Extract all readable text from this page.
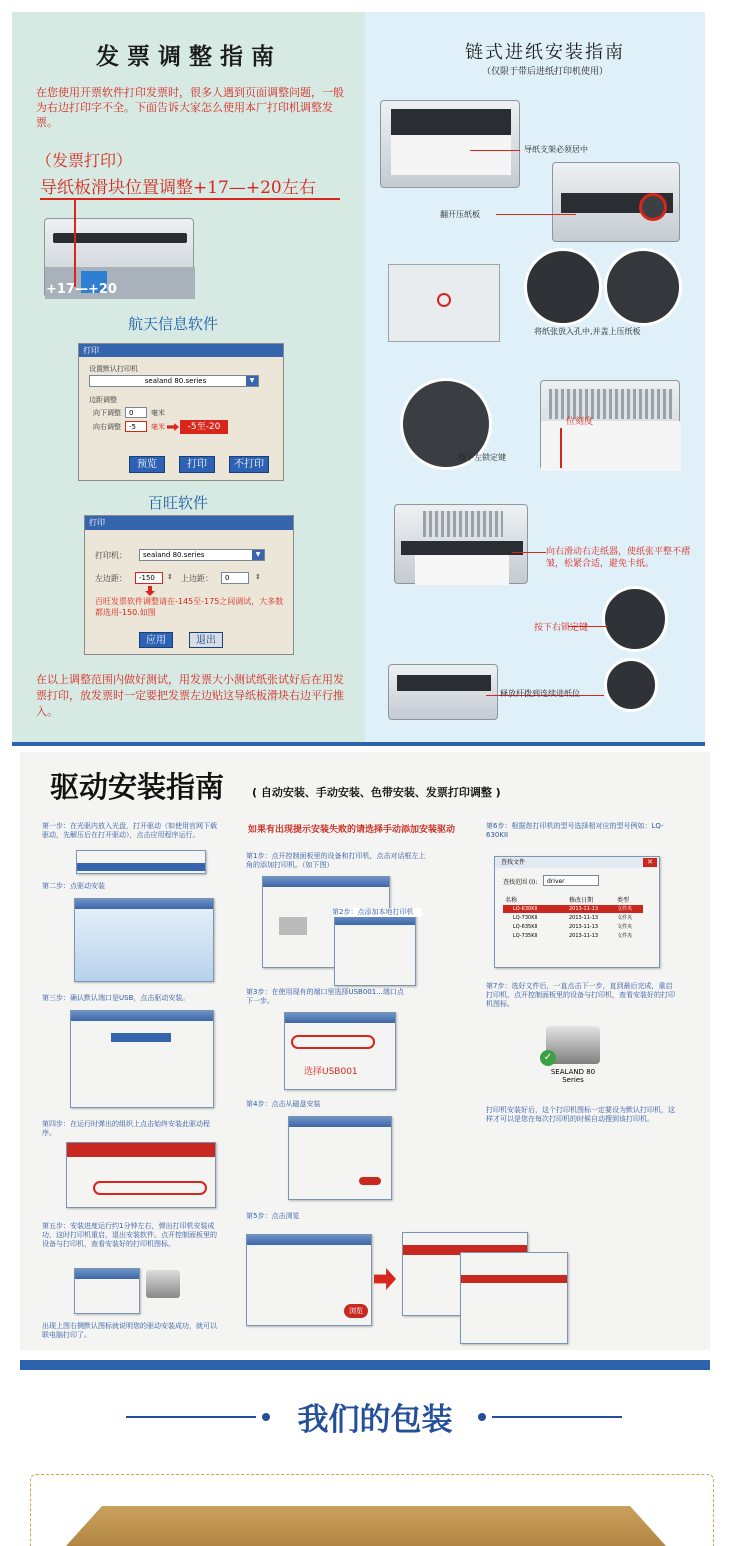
发 票 调 整 指 南
在您使用开票软件打印发票时，很多人遇到页面调整问题，一般为右边打印字不全。下面告诉大家怎么使用本厂打印机调整发票。
（发票打印）
导纸板滑块位置调整+17—+20左右
+17—+20
航天信息软件
打印
设置默认打印机
sealand 80.series	▼
边距调整
向下调整	0	毫米
向右调整	-5	毫米	-5至-20
预览	打印	不打印
百旺软件
打印
打印机：	sealand 80.series	▼
左边距：	-150	⇕ 上边距：	0	⇕
百旺发票软件调整请在-145至-175之间调试，大多数都选用-150.如图
应用	退出
在以上调整范围内做好测试，用发票大小测试纸张试好后在用发票打印，放发票时一定要把发票左边贴这导纸板滑块右边平行推入。
链式进纸安装指南
（仅限于带后进纸打印机使用）
导纸支架必须居中
翻开压纸板
将纸张放入孔中,并盖上压纸板
位刻度
按下左锁定键
向右滑动右走纸器，使纸张平整不褶皱，松紧合适，避免卡纸。
按下右锁定键
释放杆拨到连续进纸位
驱动安装指南	( 自动安装、手动安装、色带安装、发票打印调整 )
第一步：在光驱内放入光盘，打开驱动（如使用官网下载驱动，先解压后在打开驱动），点击应用程序运行。
第二步：点驱动安装
第三步：确认默认端口是USB，点击驱动安装。
第四步：在运行时弹出的组织上点击始终安装此驱动程序。
第五步：安装进度运行约1分钟左右，弹出打印机安装成功，这时打印机重启，退出安装软件。点开控制面板里的设备与打印机，查看安装好的打印机图标。
出现上图右侧默认图标就说明您的驱动安装成功，就可以联电脑打印了。
如果有出现提示安装失败的请选择手动添加安装驱动
第1步：点开控制面板里的设备和打印机，点击对话框左上角的添加打印机。（如下图）
第2步：点添加本地打印机
第3步：在使用现有的端口里选择USB001...端口点下一步。
选择USB001
第4步：点击从磁盘安装
第5步：点击浏览
浏览
第6步：根据您打印机的型号选择相对应的型号例如：LQ-630KII
查找文件	✕
查找范围 (I):	driver
名称	修改日期	类型
LQ-630KII	2013-11-13	文件夹
LQ-730KII	2013-11-13	文件夹
LQ-635KII	2013-11-13	文件夹
LQ-735KII	2013-11-13	文件夹
第7步：选好文件后，一直点击下一步，直到最后完成，重启打印机，点开控制面板里的设备与打印机，查看安装好的打印机图标。
✓
SEALAND 80 Series
打印机安装好后，这个打印机图标一定要设为默认打印机，这样才可以是您在每次打印机的时候自动搜到该打印机。
我们的包装
